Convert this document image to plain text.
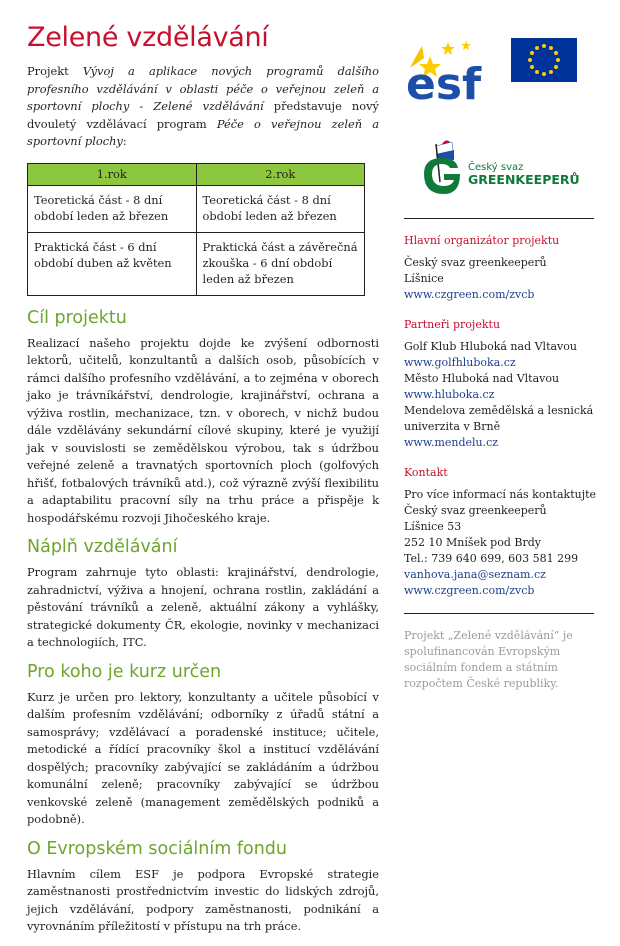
Zelené vzdělávání

Projekt Vývoj a aplikace nových programů dalšího profesního vzdělávání v oblasti péče o veřejnou zeleň a sportovní plochy - Zelené vzdělávání představuje nový dvouletý vzdělávací program Péče o veřejnou zeleň a sportovní plochy:

1.rok	2.rok
Teoretická část - 8 dní období leden až březen	Teoretická část - 8 dní období leden až březen
Praktická část - 6 dní období duben až květen	Praktická část a závěrečná zkouška - 6 dní období leden až březen
Cíl projektu

Realizací našeho projektu dojde ke zvýšení odbornosti lektorů, učitelů, konzultantů a dalších osob, působících v rámci dalšího profesního vzdělávání, a to zejména v oborech jako je trávníkářství, dendrologie, krajinářství, ochrana a výživa rostlin, mechanizace, tzn. v oborech, v nichž budou dále vzdělávány sekundární cílové skupiny, které je využijí jak v souvislosti se zemědělskou výrobou, tak s údržbou veřejné zeleně a travnatých sportovních ploch (golfových hřišť, fotbalových trávníků atd.), což výrazně zvýší flexibilitu a adaptabilitu pracovní síly na trhu práce a přispěje k hospodářskému rozvoji Jihočeského kraje.

Náplň vzdělávání

Program zahrnuje tyto oblasti: krajinářství, dendrologie, zahradnictví, výživa a hnojení, ochrana rostlin, zakládání a pěstování trávníků a zeleně, aktuální zákony a vyhlášky, strategické dokumenty ČR, ekologie, novinky v mechanizaci a technologiích, ITC.

Pro koho je kurz určen

Kurz je určen pro lektory, konzultanty a učitele působící v dalším profesním vzdělávání; odborníky z úřadů státní a samosprávy; vzdělávací a poradenské instituce; učitele, metodické a řídící pracovníky škol a institucí vzdělávání dospělých; pracovníky zabývající se zakládáním a údržbou komunální zeleně; pracovníky zabývající se údržbou venkovské zeleně (management zemědělských podniků a podobně).

O Evropském sociálním fondu

Hlavním cílem ESF je podpora Evropské strategie zaměstnanosti prostřednictvím investic do lidských zdrojů, jejich vzdělávání, podpory zaměstnanosti, podnikání a vyrovnáním příležitostí v přístupu na trh práce.

esf
Český svaz
GREENKEEPERŮ
Hlavní organizátor projektu
Český svaz greenkeeperů
Líšnice
www.czgreen.com/zvcb
Partneři projektu
Golf Klub Hluboká nad Vltavou
www.golfhluboka.cz
Město Hluboká nad Vltavou
www.hluboka.cz
Mendelova zemědělská a lesnická univerzita v Brně
www.mendelu.cz
Kontakt
Pro více informací nás kontaktujte
Český svaz greenkeeperů
Líšnice 53
252 10 Mníšek pod Brdy
Tel.: 739 640 699, 603 581 299
vanhova.jana@seznam.cz
www.czgreen.com/zvcb
Projekt „Zelené vzdělávání“ je spolufinancován Evropským sociálním fondem a státním rozpočtem České republiky.
